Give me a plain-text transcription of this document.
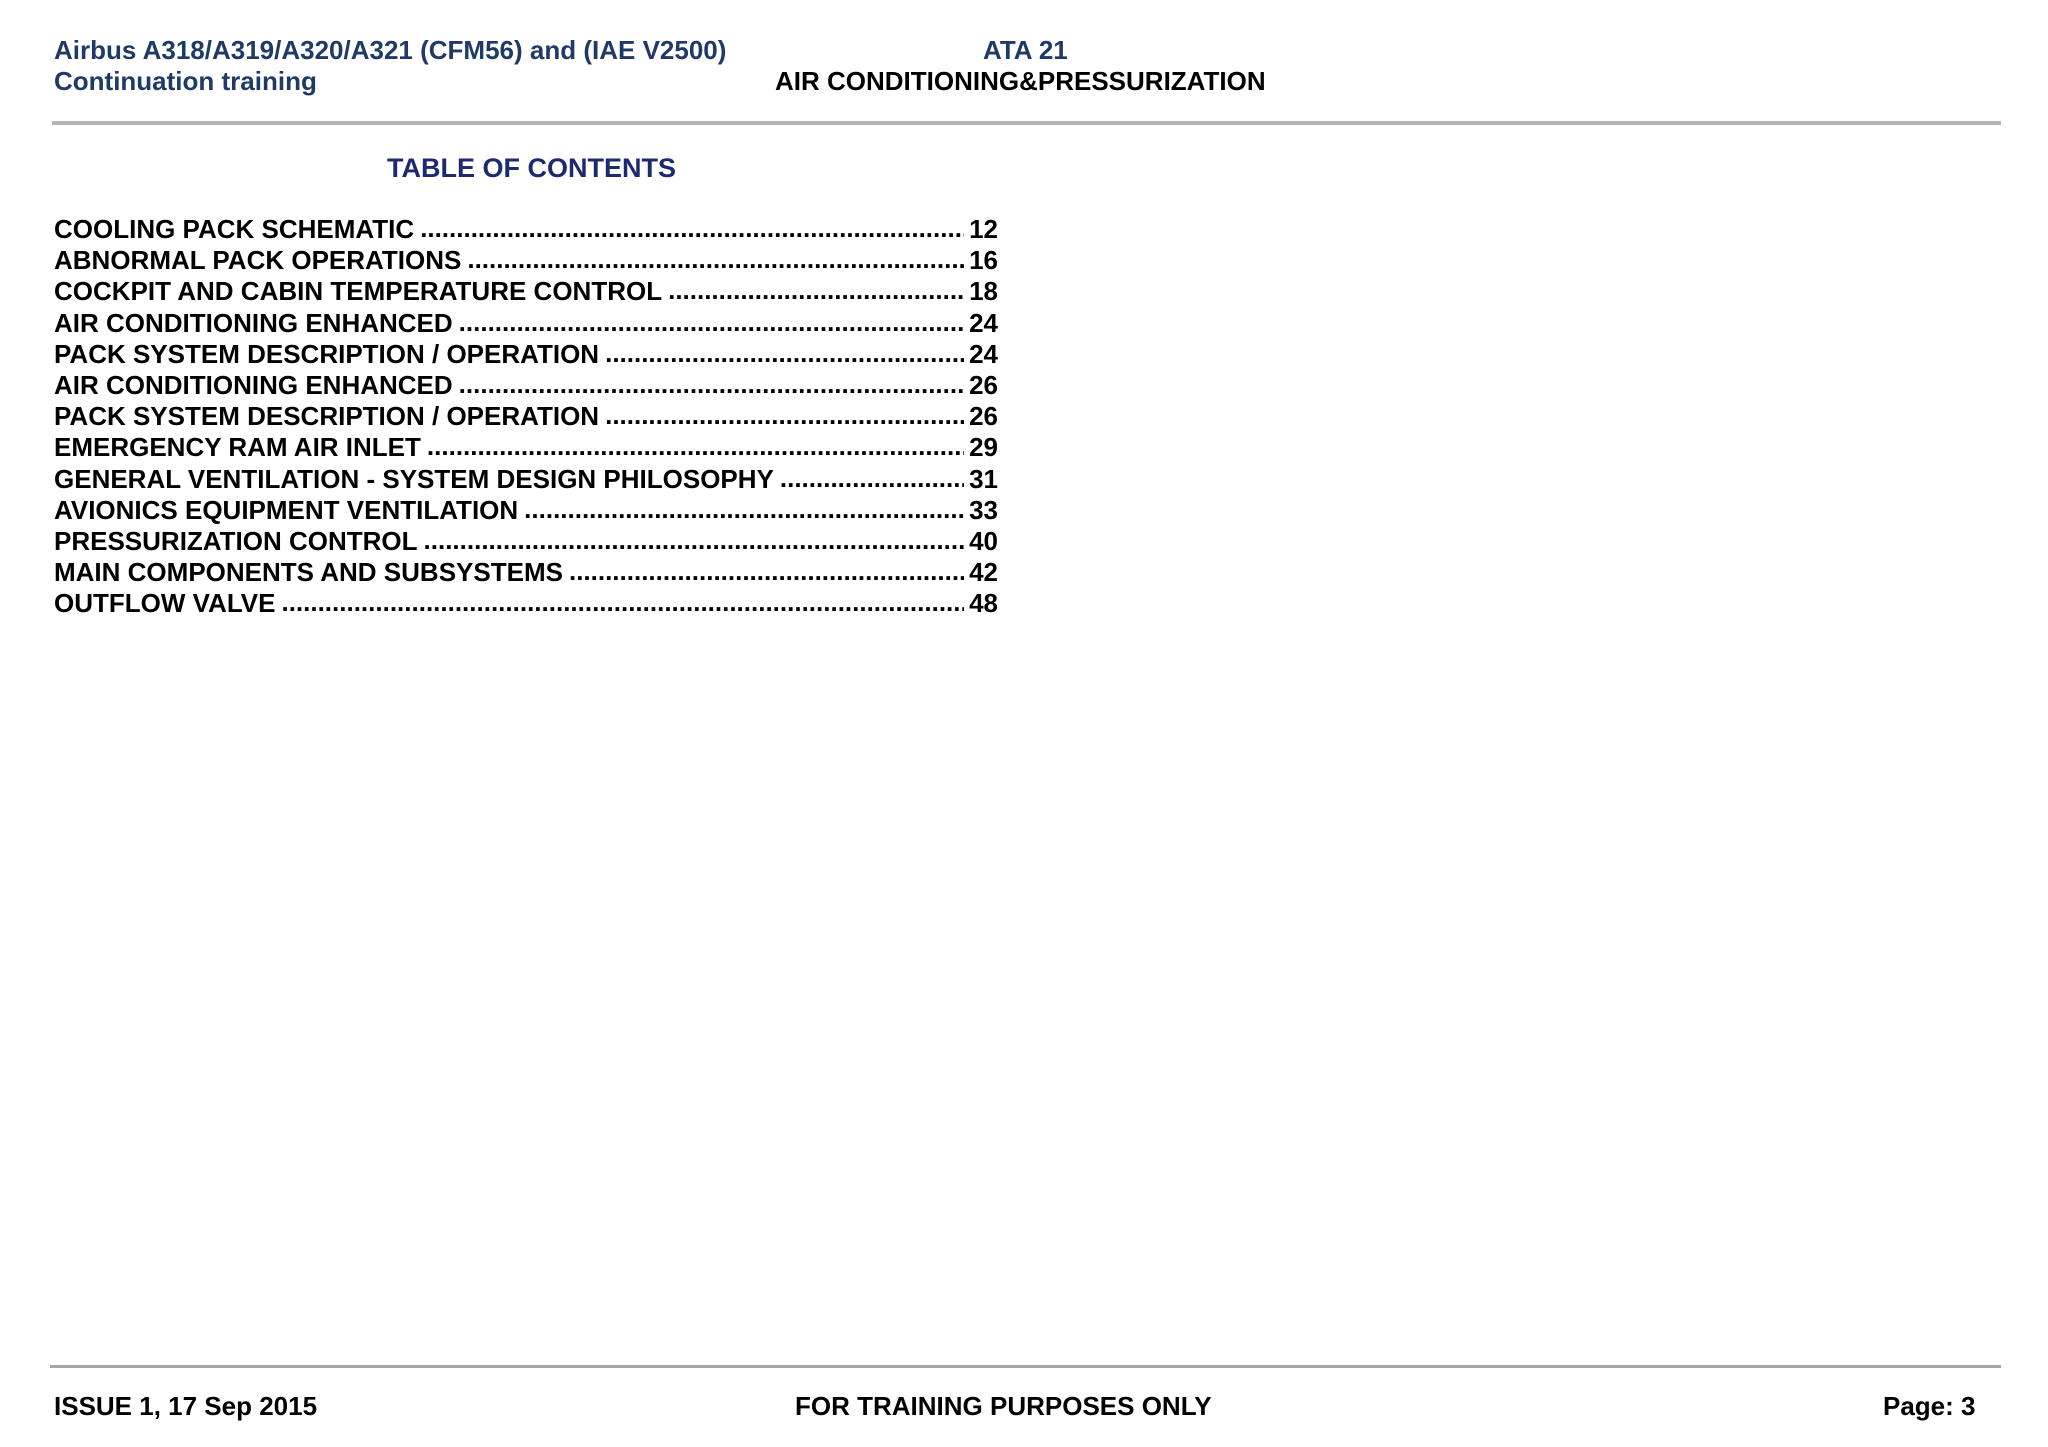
Airbus A318/A319/A320/A321 (CFM56) and (IAE V2500)
Continuation training
ATA 21
AIR CONDITIONING&PRESSURIZATION
TABLE OF CONTENTS
COOLING PACK SCHEMATIC .....	12
ABNORMAL PACK OPERATIONS .....	16
COCKPIT AND CABIN TEMPERATURE CONTROL .....	18
AIR CONDITIONING ENHANCED .....	24
PACK SYSTEM DESCRIPTION / OPERATION .....	24
AIR CONDITIONING ENHANCED .....	26
PACK SYSTEM DESCRIPTION / OPERATION .....	26
EMERGENCY RAM AIR INLET .....	29
GENERAL VENTILATION - SYSTEM DESIGN PHILOSOPHY .....	31
AVIONICS EQUIPMENT VENTILATION .....	33
PRESSURIZATION CONTROL .....	40
MAIN COMPONENTS AND SUBSYSTEMS .....	42
OUTFLOW VALVE .....	48
ISSUE 1, 17 Sep 2015	FOR TRAINING PURPOSES ONLY	Page: 3
